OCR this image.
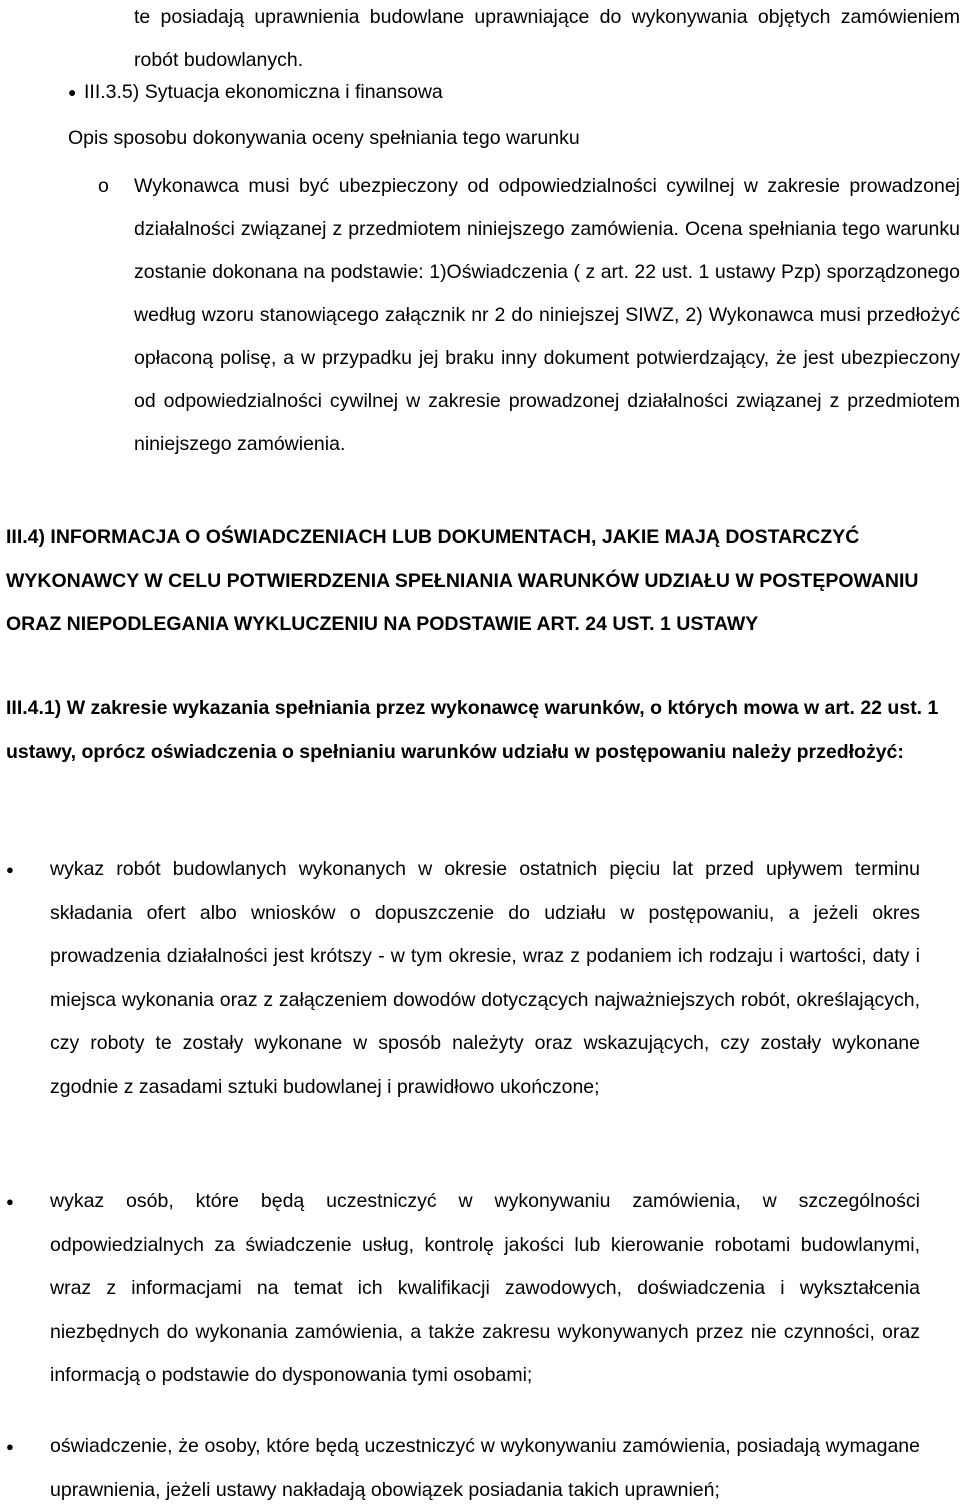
te posiadają uprawnienia budowlane uprawniające do wykonywania objętych zamówieniem robót budowlanych.
● III.3.5) Sytuacja ekonomiczna i finansowa
Opis sposobu dokonywania oceny spełniania tego warunku
o	Wykonawca musi być ubezpieczony od odpowiedzialności cywilnej w zakresie prowadzonej działalności związanej z przedmiotem niniejszego zamówienia. Ocena spełniania tego warunku zostanie dokonana na podstawie: 1)Oświadczenia ( z art. 22 ust. 1 ustawy Pzp) sporządzonego według wzoru stanowiącego załącznik nr 2 do niniejszej SIWZ, 2) Wykonawca musi przedłożyć opłaconą polisę, a w przypadku jej braku inny dokument potwierdzający, że jest ubezpieczony od odpowiedzialności cywilnej w zakresie prowadzonej działalności związanej z przedmiotem niniejszego zamówienia.
III.4) INFORMACJA O OŚWIADCZENIACH LUB DOKUMENTACH, JAKIE MAJĄ DOSTARCZYĆ WYKONAWCY W CELU POTWIERDZENIA SPEŁNIANIA WARUNKÓW UDZIAŁU W POSTĘPOWANIU ORAZ NIEPODLEGANIA WYKLUCZENIU NA PODSTAWIE ART. 24 UST. 1 USTAWY
III.4.1) W zakresie wykazania spełniania przez wykonawcę warunków, o których mowa w art. 22 ust. 1 ustawy, oprócz oświadczenia o spełnianiu warunków udziału w postępowaniu należy przedłożyć:
●	wykaz robót budowlanych wykonanych w okresie ostatnich pięciu lat przed upływem terminu składania ofert albo wniosków o dopuszczenie do udziału w postępowaniu, a jeżeli okres prowadzenia działalności jest krótszy - w tym okresie, wraz z podaniem ich rodzaju i wartości, daty i miejsca wykonania oraz z załączeniem dowodów dotyczących najważniejszych robót, określających, czy roboty te zostały wykonane w sposób należyty oraz wskazujących, czy zostały wykonane zgodnie z zasadami sztuki budowlanej i prawidłowo ukończone;
●	wykaz osób, które będą uczestniczyć w wykonywaniu zamówienia, w szczególności odpowiedzialnych za świadczenie usług, kontrolę jakości lub kierowanie robotami budowlanymi, wraz z informacjami na temat ich kwalifikacji zawodowych, doświadczenia i wykształcenia niezbędnych do wykonania zamówienia, a także zakresu wykonywanych przez nie czynności, oraz informacją o podstawie do dysponowania tymi osobami;
●	oświadczenie, że osoby, które będą uczestniczyć w wykonywaniu zamówienia, posiadają wymagane uprawnienia, jeżeli ustawy nakładają obowiązek posiadania takich uprawnień;
